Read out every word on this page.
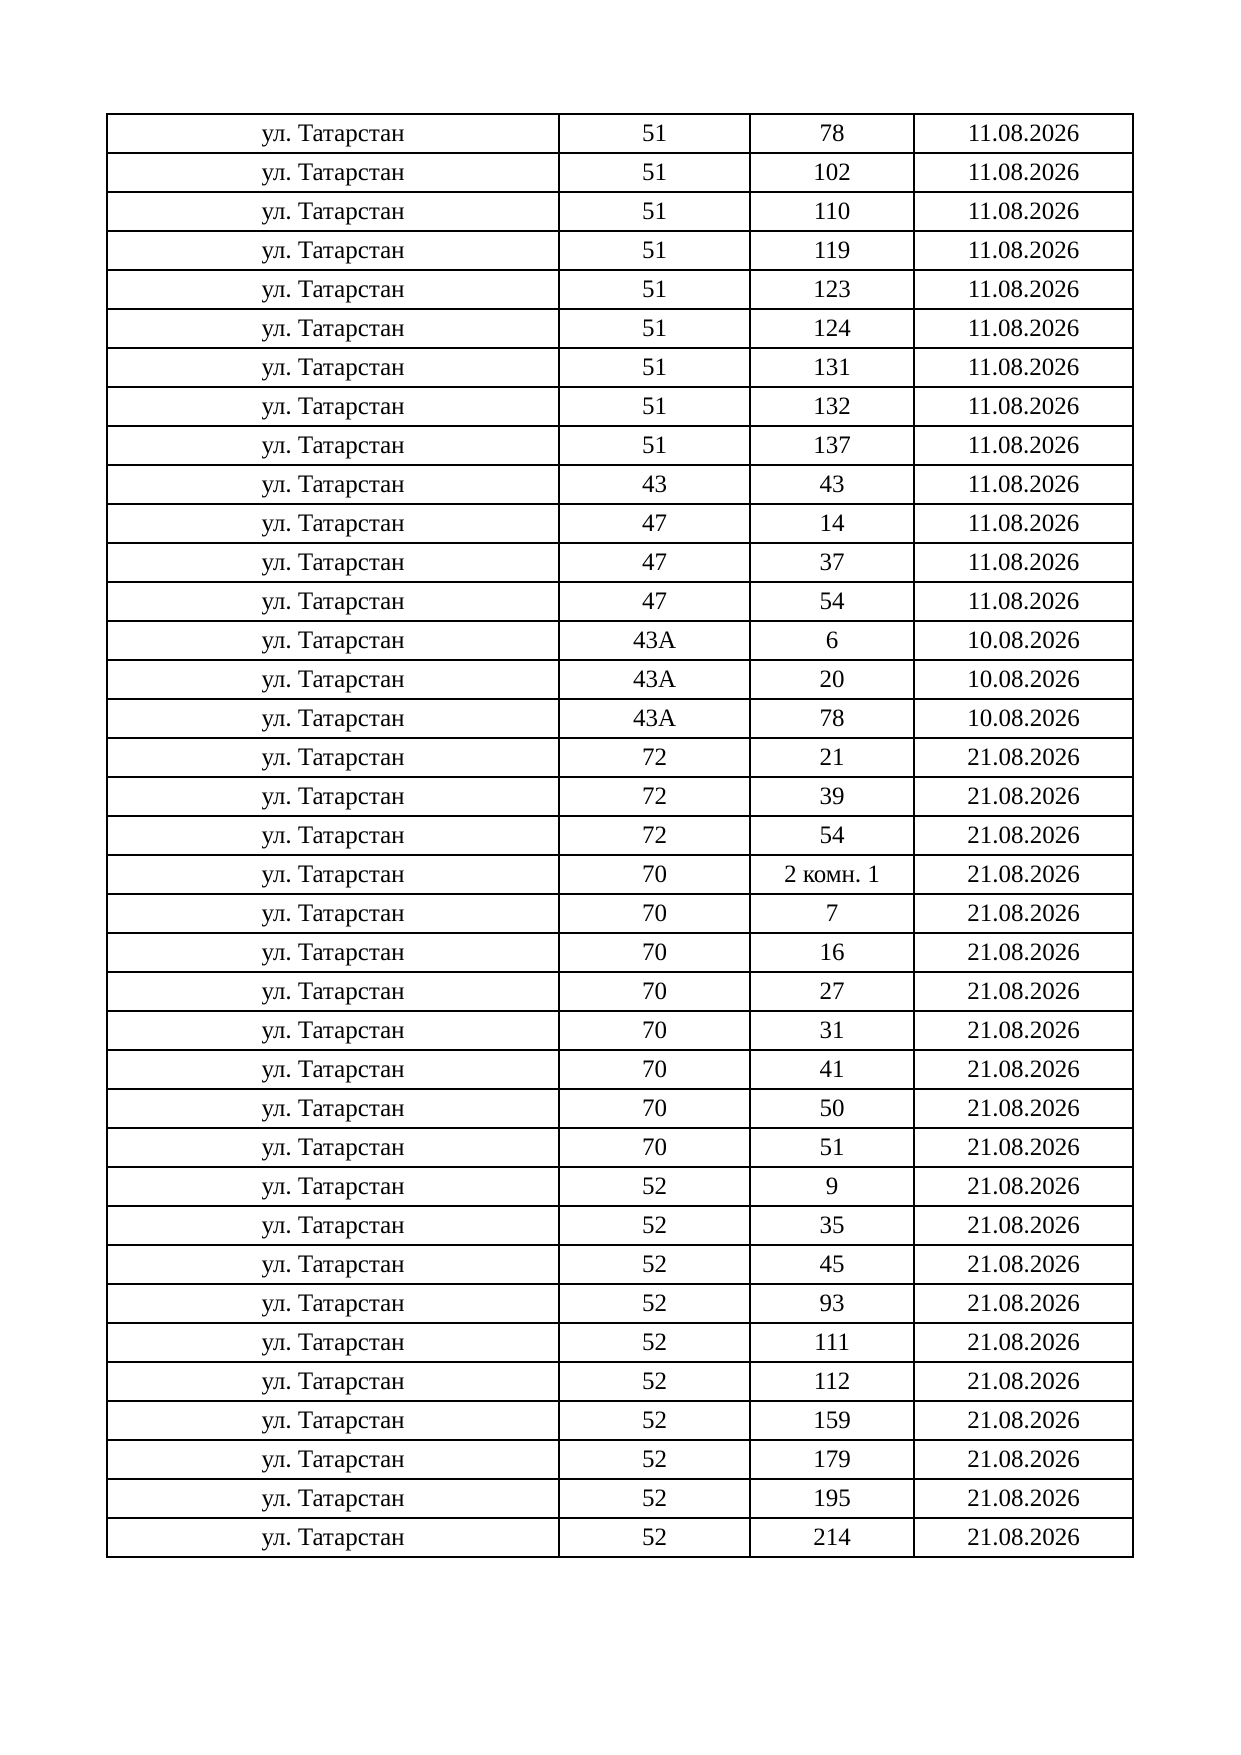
ул. Татарстан	51	78	11.08.2026
ул. Татарстан	51	102	11.08.2026
ул. Татарстан	51	110	11.08.2026
ул. Татарстан	51	119	11.08.2026
ул. Татарстан	51	123	11.08.2026
ул. Татарстан	51	124	11.08.2026
ул. Татарстан	51	131	11.08.2026
ул. Татарстан	51	132	11.08.2026
ул. Татарстан	51	137	11.08.2026
ул. Татарстан	43	43	11.08.2026
ул. Татарстан	47	14	11.08.2026
ул. Татарстан	47	37	11.08.2026
ул. Татарстан	47	54	11.08.2026
ул. Татарстан	43А	6	10.08.2026
ул. Татарстан	43А	20	10.08.2026
ул. Татарстан	43А	78	10.08.2026
ул. Татарстан	72	21	21.08.2026
ул. Татарстан	72	39	21.08.2026
ул. Татарстан	72	54	21.08.2026
ул. Татарстан	70	2 комн. 1	21.08.2026
ул. Татарстан	70	7	21.08.2026
ул. Татарстан	70	16	21.08.2026
ул. Татарстан	70	27	21.08.2026
ул. Татарстан	70	31	21.08.2026
ул. Татарстан	70	41	21.08.2026
ул. Татарстан	70	50	21.08.2026
ул. Татарстан	70	51	21.08.2026
ул. Татарстан	52	9	21.08.2026
ул. Татарстан	52	35	21.08.2026
ул. Татарстан	52	45	21.08.2026
ул. Татарстан	52	93	21.08.2026
ул. Татарстан	52	111	21.08.2026
ул. Татарстан	52	112	21.08.2026
ул. Татарстан	52	159	21.08.2026
ул. Татарстан	52	179	21.08.2026
ул. Татарстан	52	195	21.08.2026
ул. Татарстан	52	214	21.08.2026
